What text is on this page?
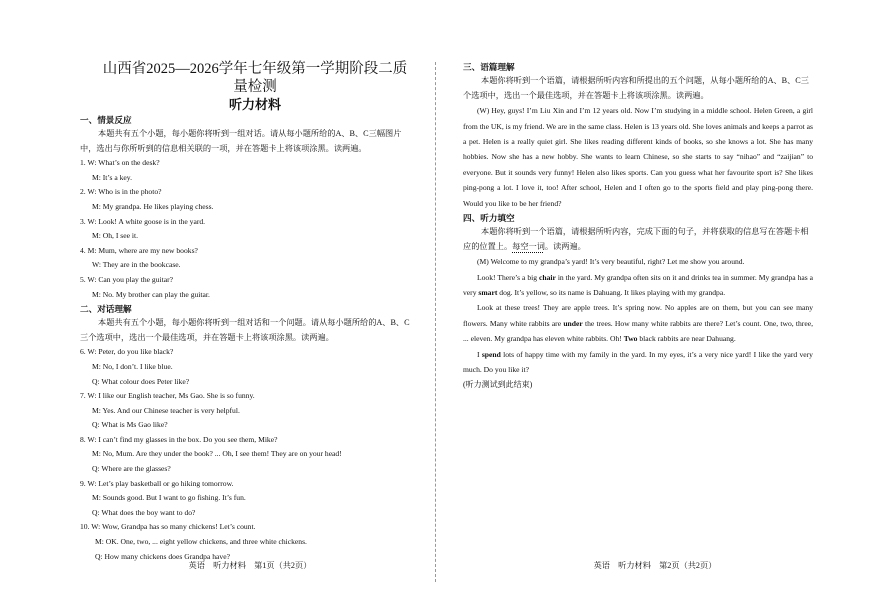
山西省2025—2026学年七年级第一学期阶段二质量检测
听力材料
一、情景反应
本题共有五个小题，每小题你将听到一组对话。请从每小题所给的A、B、C三幅图片中，选出与你所听到的信息相关联的一项，并在答题卡上将该项涂黑。读两遍。
1. W: What’s on the desk?
M: It’s a key.
2. W: Who is in the photo?
M: My grandpa. He likes playing chess.
3. W: Look! A white goose is in the yard.
M: Oh, I see it.
4. M: Mum, where are my new books?
W: They are in the bookcase.
5. W: Can you play the guitar?
M: No. My brother can play the guitar.
二、对话理解
本题共有五个小题，每小题你将听到一组对话和一个问题。请从每小题所给的A、B、C三个选项中，选出一个最佳选项，并在答题卡上将该项涂黑。读两遍。
6. W: Peter, do you like black?
M: No, I don’t. I like blue.
Q: What colour does Peter like?
7. W: I like our English teacher, Ms Gao. She is so funny.
M: Yes. And our Chinese teacher is very helpful.
Q: What is Ms Gao like?
8. W: I can’t find my glasses in the box. Do you see them, Mike?
M: No, Mum. Are they under the book? ... Oh, I see them! They are on your head!
Q: Where are the glasses?
9. W: Let’s play basketball or go hiking tomorrow.
M: Sounds good. But I want to go fishing. It’s fun.
Q: What does the boy want to do?
10. W: Wow, Grandpa has so many chickens! Let’s count.
M: OK. One, two, ... eight yellow chickens, and three white chickens.
Q: How many chickens does Grandpa have?
英语　听力材料　第1页（共2页）
三、语篇理解
本题你将听到一个语篇，请根据所听内容和所提出的五个问题，从每小题所给的A、B、C三个选项中，选出一个最佳选项，并在答题卡上将该项涂黑。读两遍。
(W) Hey, guys! I’m Liu Xin and I’m 12 years old. Now I’m studying in a middle school. Helen Green, a girl from the UK, is my friend. We are in the same class. Helen is 13 years old. She loves animals and keeps a parrot as a pet. Helen is a really quiet girl. She likes reading different kinds of books, so she knows a lot. She has many hobbies. Now she has a new hobby. She wants to learn Chinese, so she starts to say “nihao” and “zaijian” to everyone. But it sounds very funny! Helen also likes sports. Can you guess what her favourite sport is? She likes ping-pong a lot. I love it, too! After school, Helen and I often go to the sports field and play ping-pong there. Would you like to be her friend?
四、听力填空
本题你将听到一个语篇，请根据所听内容，完成下面的句子，并将获取的信息写在答题卡相应的位置上。每空一词。读两遍。
(M) Welcome to my grandpa’s yard! It’s very beautiful, right? Let me show you around.
Look! There’s a big chair in the yard. My grandpa often sits on it and drinks tea in summer. My grandpa has a very smart dog. It’s yellow, so its name is Dahuang. It likes playing with my grandpa.
Look at these trees! They are apple trees. It’s spring now. No apples are on them, but you can see many flowers. Many white rabbits are under the trees. How many white rabbits are there? Let’s count. One, two, three, ... eleven. My grandpa has eleven white rabbits. Oh! Two black rabbits are near Dahuang.
I spend lots of happy time with my family in the yard. In my eyes, it’s a very nice yard! I like the yard very much. Do you like it?
(听力测试到此结束)
英语　听力材料　第2页（共2页）
